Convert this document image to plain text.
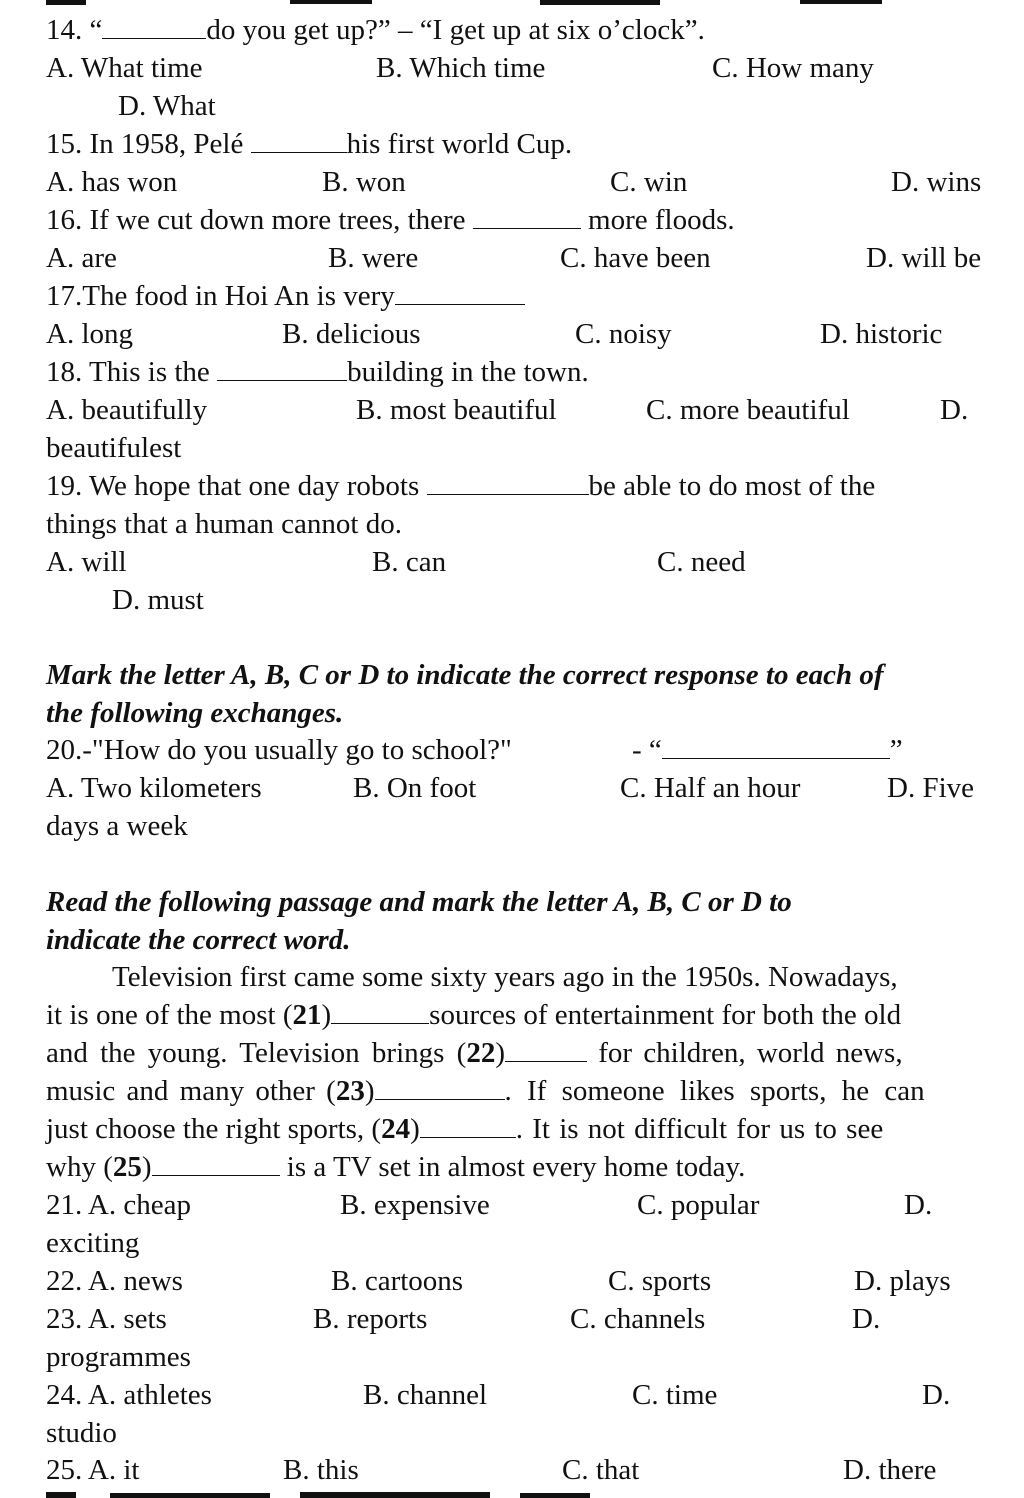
14. “	do you get up?” – “I get up at six o’clock”.
A. What time	B. Which time	C. How many
D. What
15. In 1958, Pelé	his first world Cup.
A. has won	B. won	C. win	D. wins
16. If we cut down more trees, there	more floods.
A. are	B. were	C. have been	D. will be
17.The food in Hoi An is very
A. long	B. delicious	C. noisy	D. historic
18. This is the	building in the town.
A. beautifully	B. most beautiful	C. more beautiful	D.
beautifulest
19. We hope that one day robots	be able to do most of the
things that a human cannot do.
A. will	B. can	C. need
D. must
Mark the letter A, B, C or D to indicate the correct response to each of
the following exchanges.
20.-"How do you usually go to school?"	- “	”
A. Two kilometers	B. On foot	C. Half an hour	D. Five
days a week
Read the following passage and mark the letter A, B, C or D to
indicate the correct word.
Television first came some sixty years ago in the 1950s. Nowadays,
it is one of the most (21)	sources of entertainment for both the old
and the young. Television brings (22)	for children, world news,
music and many other (23)	. If someone likes sports, he can
just choose the right sports, (24)	. It is not difficult for us to see
why (25)	is a TV set in almost every home today.
21. A. cheap	B. expensive	C. popular	D.
exciting
22. A. news	B. cartoons	C. sports	D. plays
23. A. sets	B. reports	C. channels	D.
programmes
24. A. athletes	B. channel	C. time	D.
studio
25. A. it	B. this	C. that	D. there
